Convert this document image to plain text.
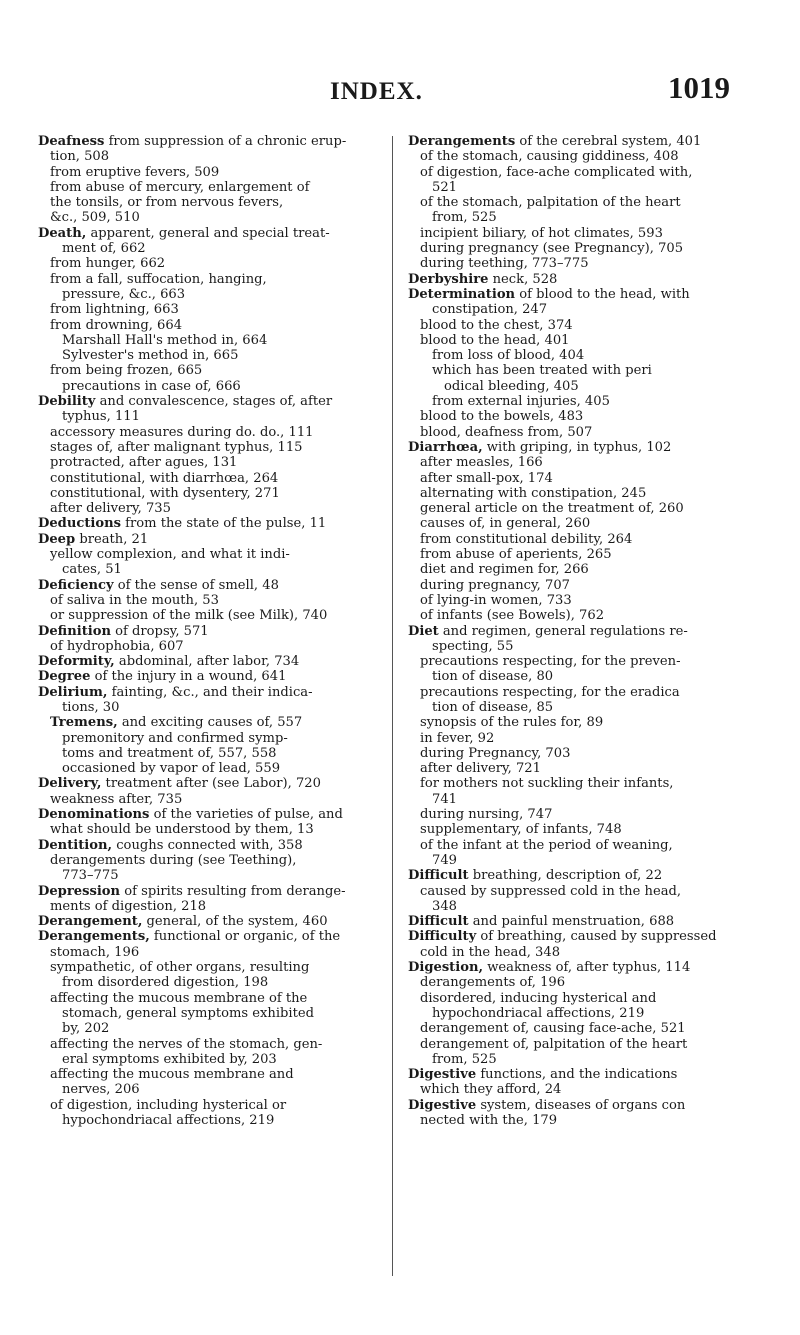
INDEX.	1019
Deafness from suppression of a chronic erup-
tion, 508
from eruptive fevers, 509
from abuse of mercury, enlargement of
the tonsils, or from nervous fevers,
&c., 509, 510
Death, apparent, general and special treat-
ment of, 662
from hunger, 662
from a fall, suffocation, hanging,
pressure, &c., 663
from lightning, 663
from drowning, 664
Marshall Hall's method in, 664
Sylvester's method in, 665
from being frozen, 665
precautions in case of, 666
Debility and convalescence, stages of, after
typhus, 111
accessory measures during do. do., 111
stages of, after malignant typhus, 115
protracted, after agues, 131
constitutional, with diarrhœa, 264
constitutional, with dysentery, 271
after delivery, 735
Deductions from the state of the pulse, 11
Deep breath, 21
yellow complexion, and what it indi-
cates, 51
Deficiency of the sense of smell, 48
of saliva in the mouth, 53
or suppression of the milk (see Milk), 740
Definition of dropsy, 571
of hydrophobia, 607
Deformity, abdominal, after labor, 734
Degree of the injury in a wound, 641
Delirium, fainting, &c., and their indica-
tions, 30
Tremens, and exciting causes of, 557
premonitory and confirmed symp-
toms and treatment of, 557, 558
occasioned by vapor of lead, 559
Delivery, treatment after (see Labor), 720
weakness after, 735
Denominations of the varieties of pulse, and
what should be understood by them, 13
Dentition, coughs connected with, 358
derangements during (see Teething),
773–775
Depression of spirits resulting from derange-
ments of digestion, 218
Derangement, general, of the system, 460
Derangements, functional or organic, of the
stomach, 196
sympathetic, of other organs, resulting
from disordered digestion, 198
affecting the mucous membrane of the
stomach, general symptoms exhibited
by, 202
affecting the nerves of the stomach, gen-
eral symptoms exhibited by, 203
affecting the mucous membrane and
nerves, 206
of digestion, including hysterical or
hypochondriacal affections, 219
Derangements of the cerebral system, 401
of the stomach, causing giddiness, 408
of digestion, face-ache complicated with,
521
of the stomach, palpitation of the heart
from, 525
incipient biliary, of hot climates, 593
during pregnancy (see Pregnancy), 705
during teething, 773–775
Derbyshire neck, 528
Determination of blood to the head, with
constipation, 247
blood to the chest, 374
blood to the head, 401
from loss of blood, 404
which has been treated with peri
odical bleeding, 405
from external injuries, 405
blood to the bowels, 483
blood, deafness from, 507
Diarrhœa, with griping, in typhus, 102
after measles, 166
after small-pox, 174
alternating with constipation, 245
general article on the treatment of, 260
causes of, in general, 260
from constitutional debility, 264
from abuse of aperients, 265
diet and regimen for, 266
during pregnancy, 707
of lying-in women, 733
of infants (see Bowels), 762
Diet and regimen, general regulations re-
specting, 55
precautions respecting, for the preven-
tion of disease, 80
precautions respecting, for the eradica
tion of disease, 85
synopsis of the rules for, 89
in fever, 92
during Pregnancy, 703
after delivery, 721
for mothers not suckling their infants,
741
during nursing, 747
supplementary, of infants, 748
of the infant at the period of weaning,
749
Difficult breathing, description of, 22
caused by suppressed cold in the head,
348
Difficult and painful menstruation, 688
Difficulty of breathing, caused by suppressed
cold in the head, 348
Digestion, weakness of, after typhus, 114
derangements of, 196
disordered, inducing hysterical and
hypochondriacal affections, 219
derangement of, causing face-ache, 521
derangement of, palpitation of the heart
from, 525
Digestive functions, and the indications
which they afford, 24
Digestive system, diseases of organs con
nected with the, 179
